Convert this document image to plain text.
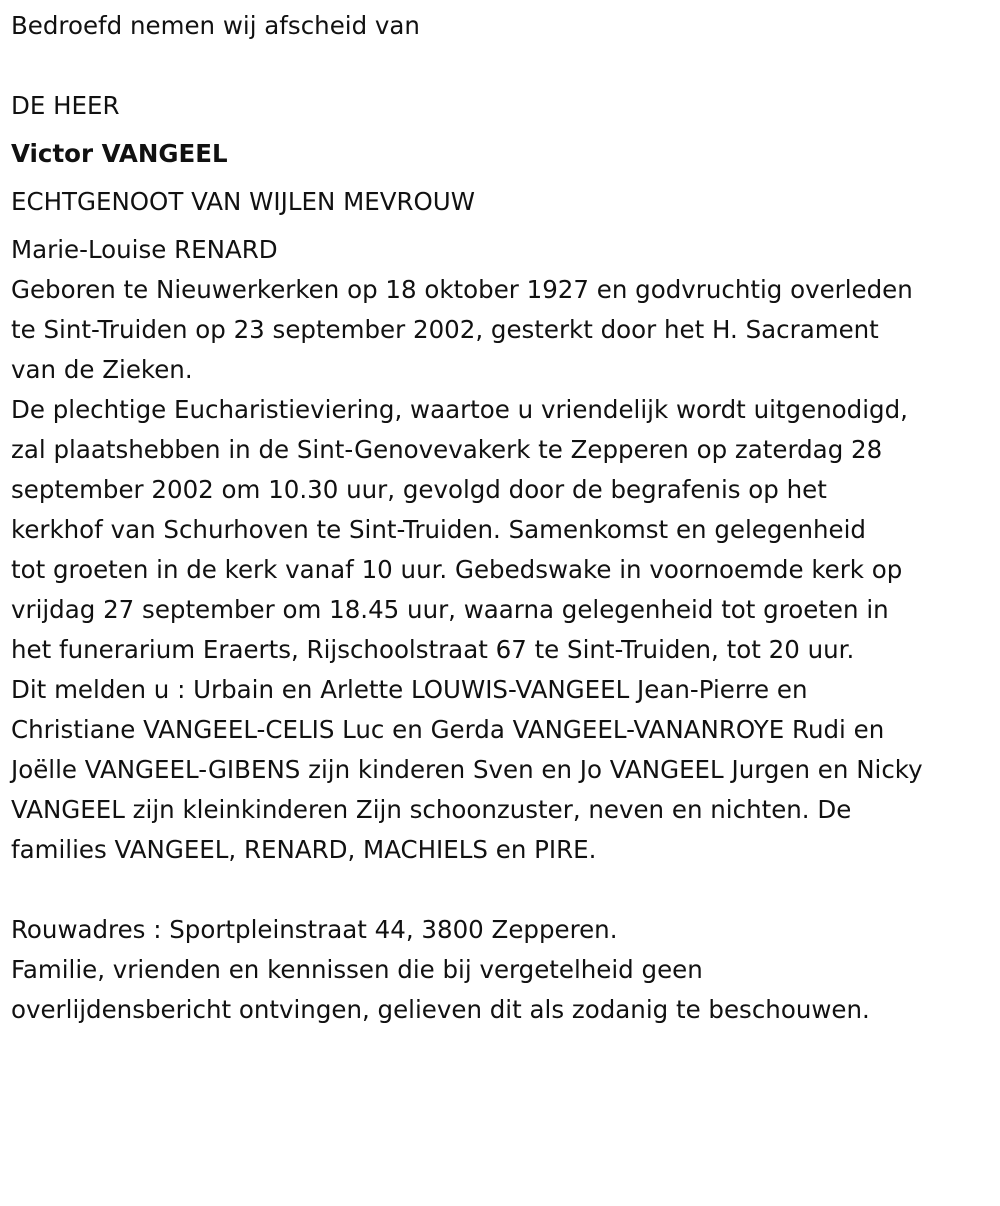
Bedroefd nemen wij afscheid van

DE HEER

Victor VANGEEL

ECHTGENOOT VAN WIJLEN MEVROUW

Marie-Louise RENARD

Geboren te Nieuwerkerken op 18 oktober 1927 en godvruchtig overleden
te Sint-Truiden op 23 september 2002, gesterkt door het H. Sacrament
van de Zieken.
De plechtige Eucharistieviering, waartoe u vriendelijk wordt uitgenodigd,
zal plaatshebben in de Sint-Genovevakerk te Zepperen op zaterdag 28
september 2002 om 10.30 uur, gevolgd door de begrafenis op het
kerkhof van Schurhoven te Sint-Truiden. Samenkomst en gelegenheid
tot groeten in de kerk vanaf 10 uur. Gebedswake in voornoemde kerk op
vrijdag 27 september om 18.45 uur, waarna gelegenheid tot groeten in
het funerarium Eraerts, Rijschoolstraat 67 te Sint-Truiden, tot 20 uur.
Dit melden u : Urbain en Arlette LOUWIS-VANGEEL Jean-Pierre en
Christiane VANGEEL-CELIS Luc en Gerda VANGEEL-VANANROYE Rudi en
Joëlle VANGEEL-GIBENS zijn kinderen Sven en Jo VANGEEL Jurgen en Nicky
VANGEEL zijn kleinkinderen Zijn schoonzuster, neven en nichten. De
families VANGEEL, RENARD, MACHIELS en PIRE.

Rouwadres : Sportpleinstraat 44, 3800 Zepperen.

Familie, vrienden en kennissen die bij vergetelheid geen
overlijdensbericht ontvingen, gelieven dit als zodanig te beschouwen.
